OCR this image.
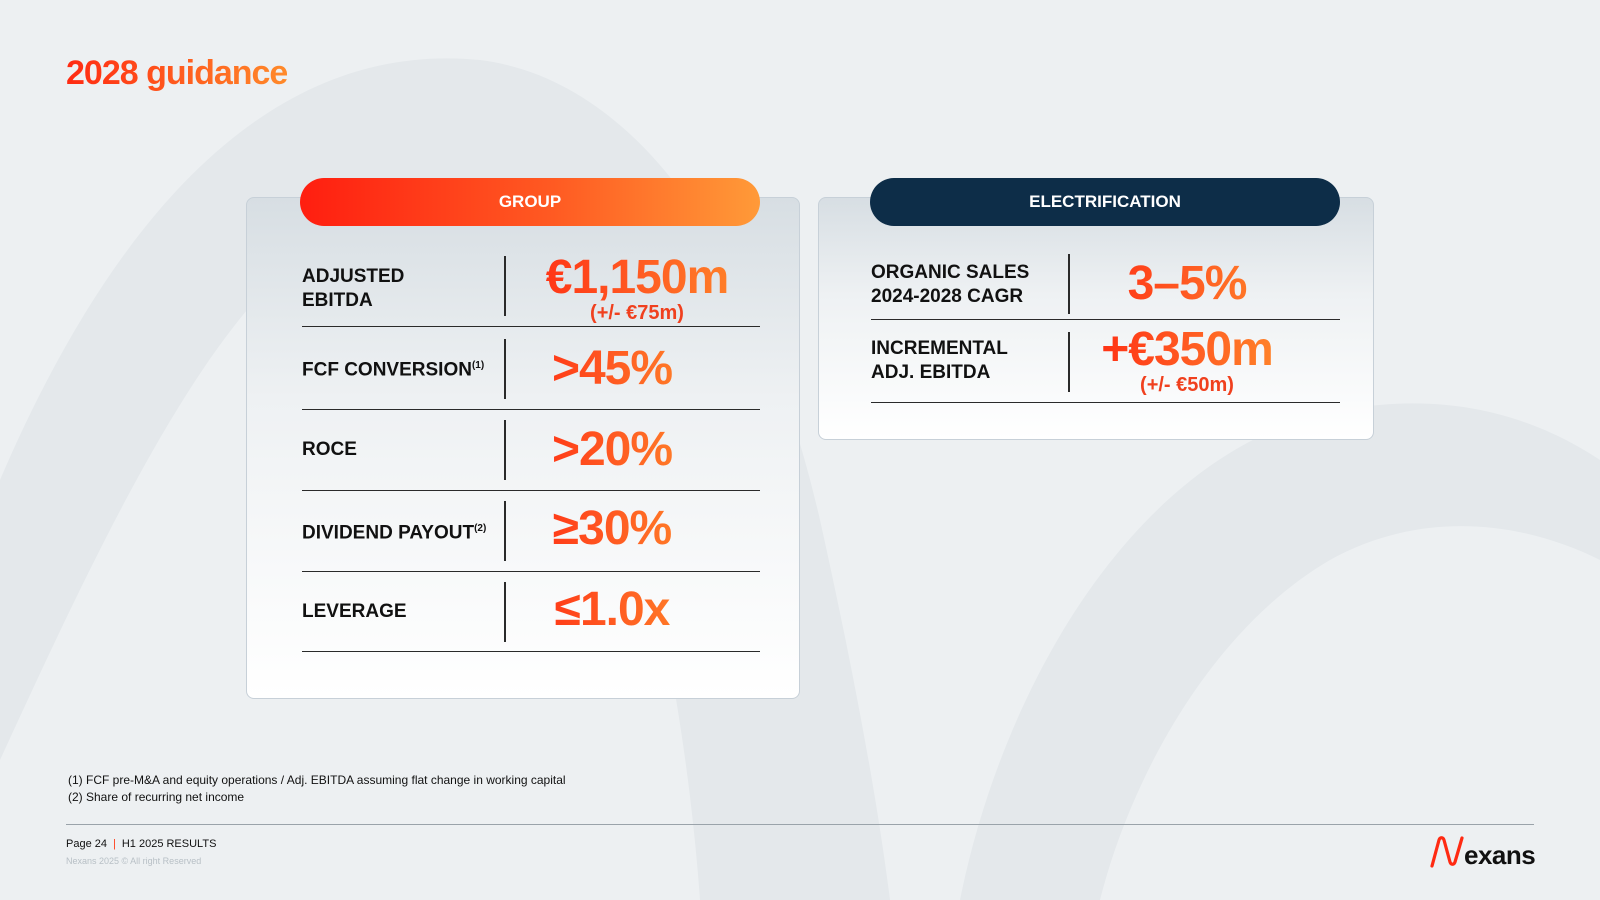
2028 guidance
GROUP
ADJUSTED
EBITDA	€1,150m
(+/- €75m)
FCF $CONVERSION^{(1)}$	>45%
ROCE	>20%
DIVIDEND $PAYOUT^{(2)}$	≥30%
LEVERAGE	≤1.0x
ELECTRIFICATION
ORGANIC SALES
2024-2028 CAGR	3–5%
INCREMENTAL
ADJ. EBITDA	+€350m
(+/- €50m)
(1) FCF pre-M&A and equity operations / Adj. EBITDA assuming flat change in working capital
(2) Share of recurring net income
Page 24 | H1 2025 RESULTS
Nexans 2025 © All right Reserved	exans
